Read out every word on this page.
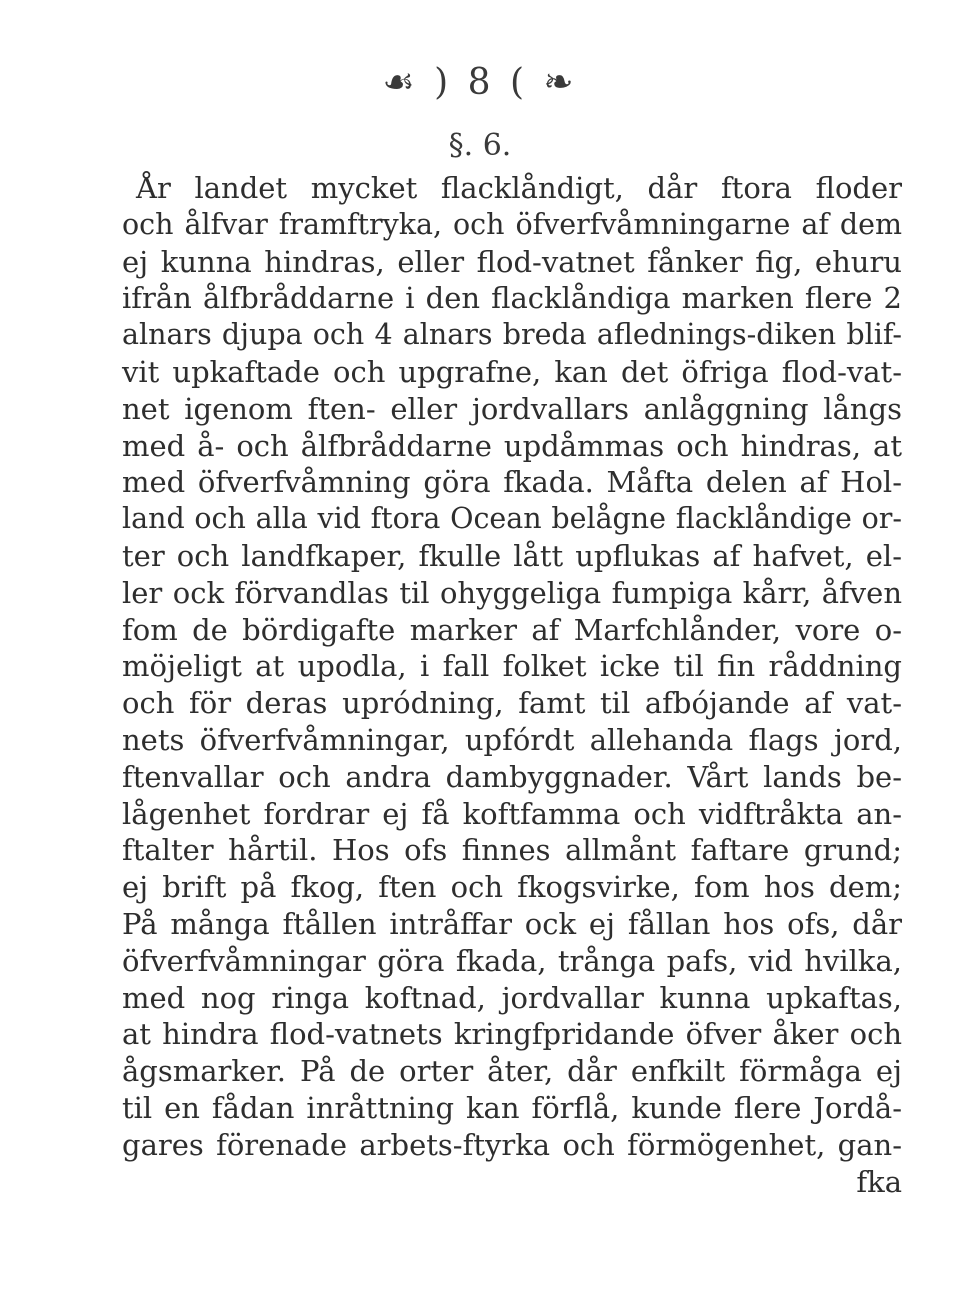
☙ ) 8 ( ❧
§. 6.
År landet mycket flacklåndigt, dår ftora floder
och ålfvar framftryka, och öfverfvåmningarne af dem
ej kunna hindras, eller flod-vatnet fånker fig, ehuru
ifrån ålfbråddarne i den flacklåndiga marken flere 2
alnars djupa och 4 alnars breda aflednings-diken blif-
vit upkaftade och upgrafne, kan det öfriga flod-vat-
net igenom ften- eller jordvallars anlåggning långs
med å- och ålfbråddarne updåmmas och hindras, at
med öfverfvåmning göra fkada. Måfta delen af Hol-
land och alla vid ftora Ocean belågne flacklåndige or-
ter och landfkaper, fkulle lått upflukas af hafvet, el-
ler ock förvandlas til ohyggeliga fumpiga kårr, åfven
fom de bördigafte marker af Marfchlånder, vore o-
möjeligt at upodla, i fall folket icke til fin råddning
och för deras upródning, famt til afbójande af vat-
nets öfverfvåmningar, upfórdt allehanda flags jord,
ftenvallar och andra dambyggnader. Vårt lands be-
lågenhet fordrar ej få koftfamma och vidftråkta an-
ftalter hårtil. Hos ofs finnes allmånt faftare grund;
ej brift på fkog, ften och fkogsvirke, fom hos dem;
På många ftållen intråffar ock ej fållan hos ofs, dår
öfverfvåmningar göra fkada, trånga pafs, vid hvilka,
med nog ringa koftnad, jordvallar kunna upkaftas,
at hindra flod-vatnets kringfpridande öfver åker och
ågsmarker. På de orter åter, dår enfkilt förmåga ej
til en fådan inråttning kan förflå, kunde flere Jordå-
gares förenade arbets-ftyrka och förmögenhet, gan-
fka
